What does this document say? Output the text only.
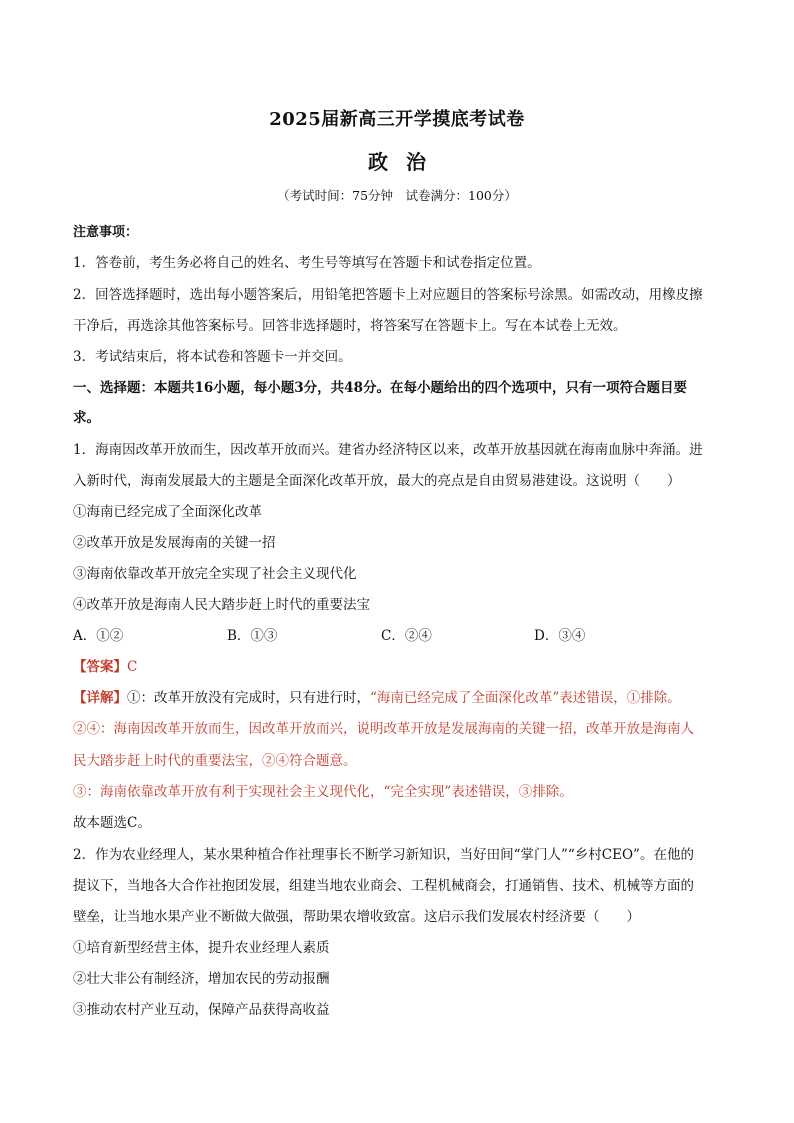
2025届新高三开学摸底考试卷
政治
（考试时间：75分钟　试卷满分：100分）
注意事项：
1．答卷前，考生务必将自己的姓名、考生号等填写在答题卡和试卷指定位置。
2．回答选择题时，选出每小题答案后，用铅笔把答题卡上对应题目的答案标号涂黑。如需改动，用橡皮擦
干净后，再选涂其他答案标号。回答非选择题时，将答案写在答题卡上。写在本试卷上无效。
3．考试结束后，将本试卷和答题卡一并交回。
一、选择题：本题共16小题，每小题3分，共48分。在每小题给出的四个选项中，只有一项符合题目要
求。
1．海南因改革开放而生，因改革开放而兴。建省办经济特区以来，改革开放基因就在海南血脉中奔涌。进
入新时代，海南发展最大的主题是全面深化改革开放，最大的亮点是自由贸易港建设。这说明（　　）
①海南已经完成了全面深化改革
②改革开放是发展海南的关键一招
③海南依靠改革开放完全实现了社会主义现代化
④改革开放是海南人民大踏步赶上时代的重要法宝
A．①②	B．①③	C．②④	D．③④
【答案】C
【详解】①：改革开放没有完成时，只有进行时，“海南已经完成了全面深化改革”表述错误，①排除。
②④：海南因改革开放而生，因改革开放而兴，说明改革开放是发展海南的关键一招，改革开放是海南人
民大踏步赶上时代的重要法宝，②④符合题意。
③：海南依靠改革开放有利于实现社会主义现代化，“完全实现”表述错误，③排除。
故本题选C。
2．作为农业经理人，某水果种植合作社理事长不断学习新知识，当好田间“掌门人”“乡村CEO”。在他的
提议下，当地各大合作社抱团发展，组建当地农业商会、工程机械商会，打通销售、技术、机械等方面的
壁垒，让当地水果产业不断做大做强，帮助果农增收致富。这启示我们发展农村经济要（　　）
①培育新型经营主体，提升农业经理人素质
②壮大非公有制经济，增加农民的劳动报酬
③推动农村产业互动，保障产品获得高收益
